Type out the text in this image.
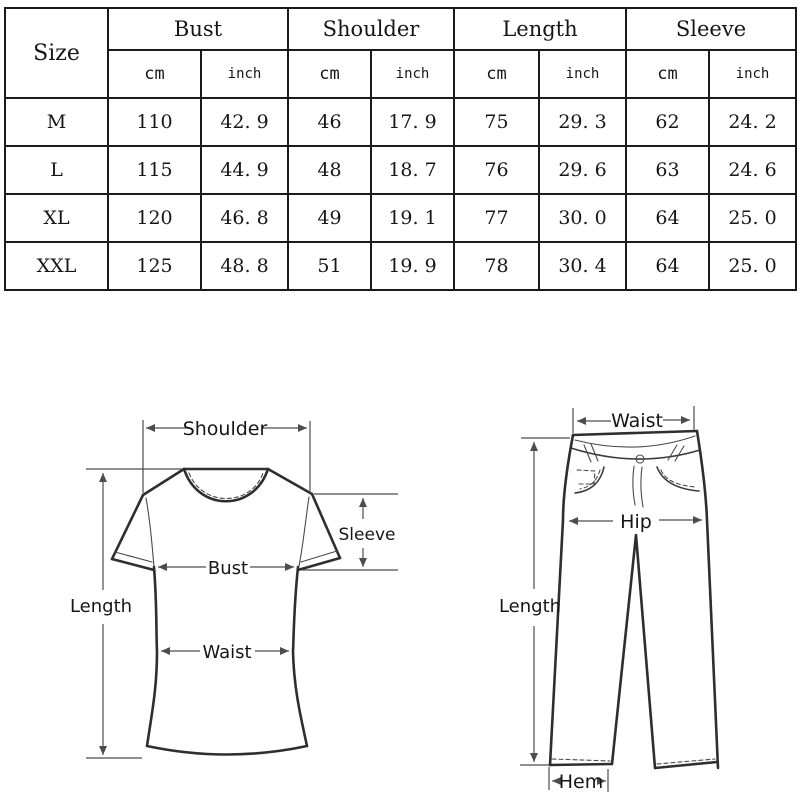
Size	Bust		Shoulder		Length		Sleeve	
	cm	inch	cm	inch	cm	inch	cm	inch
M	110	42. 9	46	17. 9	75	29. 3	62	24. 2
L	115	44. 9	48	18. 7	76	29. 6	63	24. 6
XL	120	46. 8	49	19. 1	77	30. 0	64	25. 0
XXL	125	48. 8	51	19. 9	78	30. 4	64	25. 0
Shoulder
Sleeve
Bust
Length
Waist
Waist
Hip
Length
Hem
